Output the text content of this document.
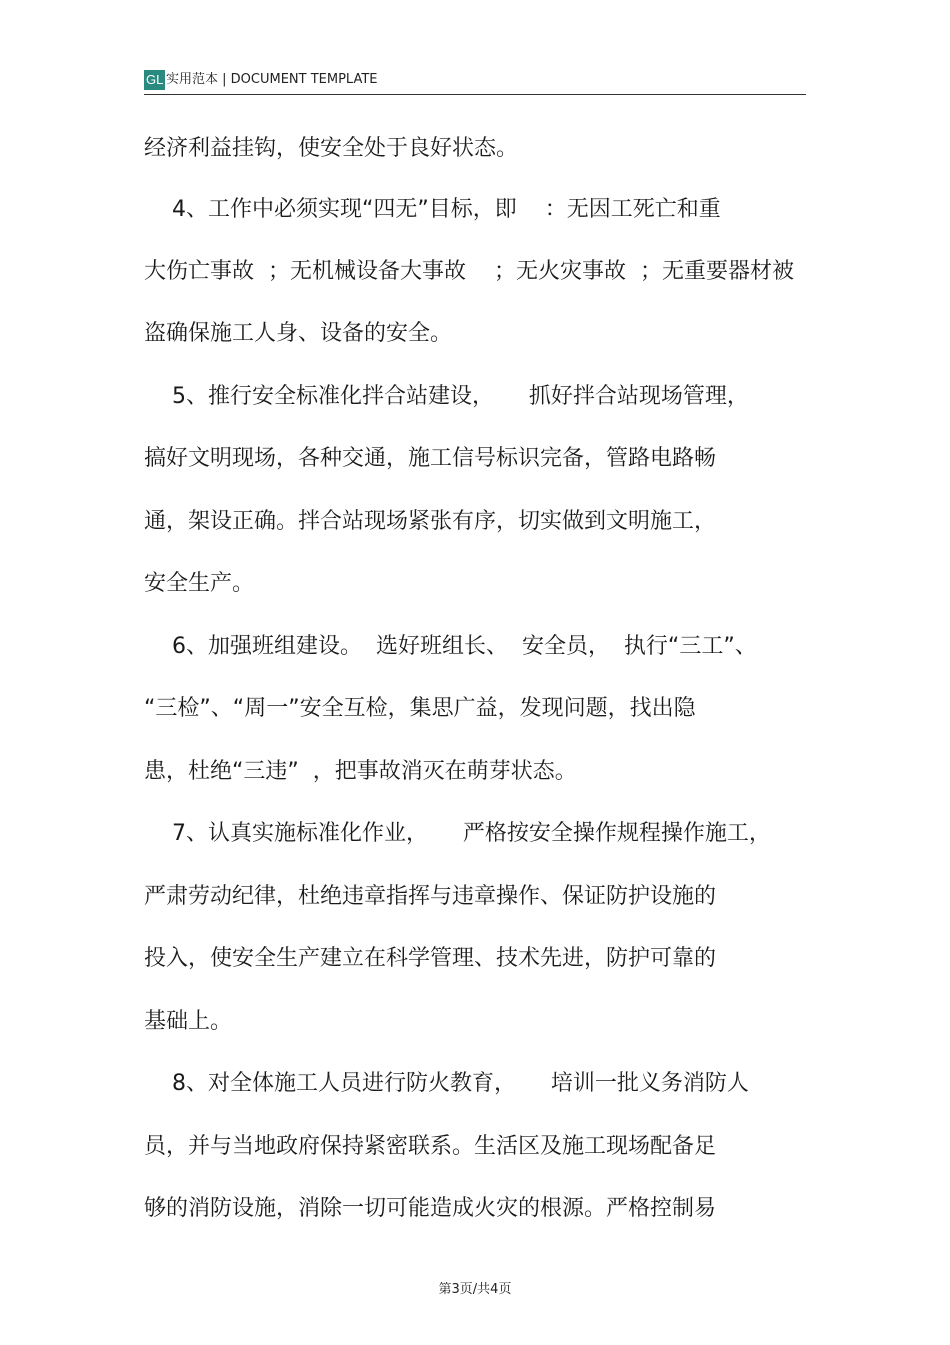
GL 实用范本 | DOCUMENT TEMPLATE
经济利益挂钩，使安全处于良好状态。
4、工作中必须实现“四无”目标，即    ：无因工死亡和重
大伤亡事故  ；无机械设备大事故    ；无火灾事故  ；无重要器材被
盗确保施工人身、设备的安全。
5、推行安全标准化拌合站建设，     抓好拌合站现场管理，
搞好文明现场，各种交通，施工信号标识完备，管路电路畅
通，架设正确。拌合站现场紧张有序，切实做到文明施工，
安全生产。
6、加强班组建设。  选好班组长、  安全员，  执行“三工”、
“三检”、“周一”安全互检，集思广益，发现问题，找出隐
患，杜绝“三违”  ，把事故消灭在萌芽状态。
7、认真实施标准化作业，     严格按安全操作规程操作施工，
严肃劳动纪律，杜绝违章指挥与违章操作、保证防护设施的
投入，使安全生产建立在科学管理、技术先进，防护可靠的
基础上。
8、对全体施工人员进行防火教育，     培训一批义务消防人
员，并与当地政府保持紧密联系。生活区及施工现场配备足
够的消防设施，消除一切可能造成火灾的根源。严格控制易
第3页/共4页
